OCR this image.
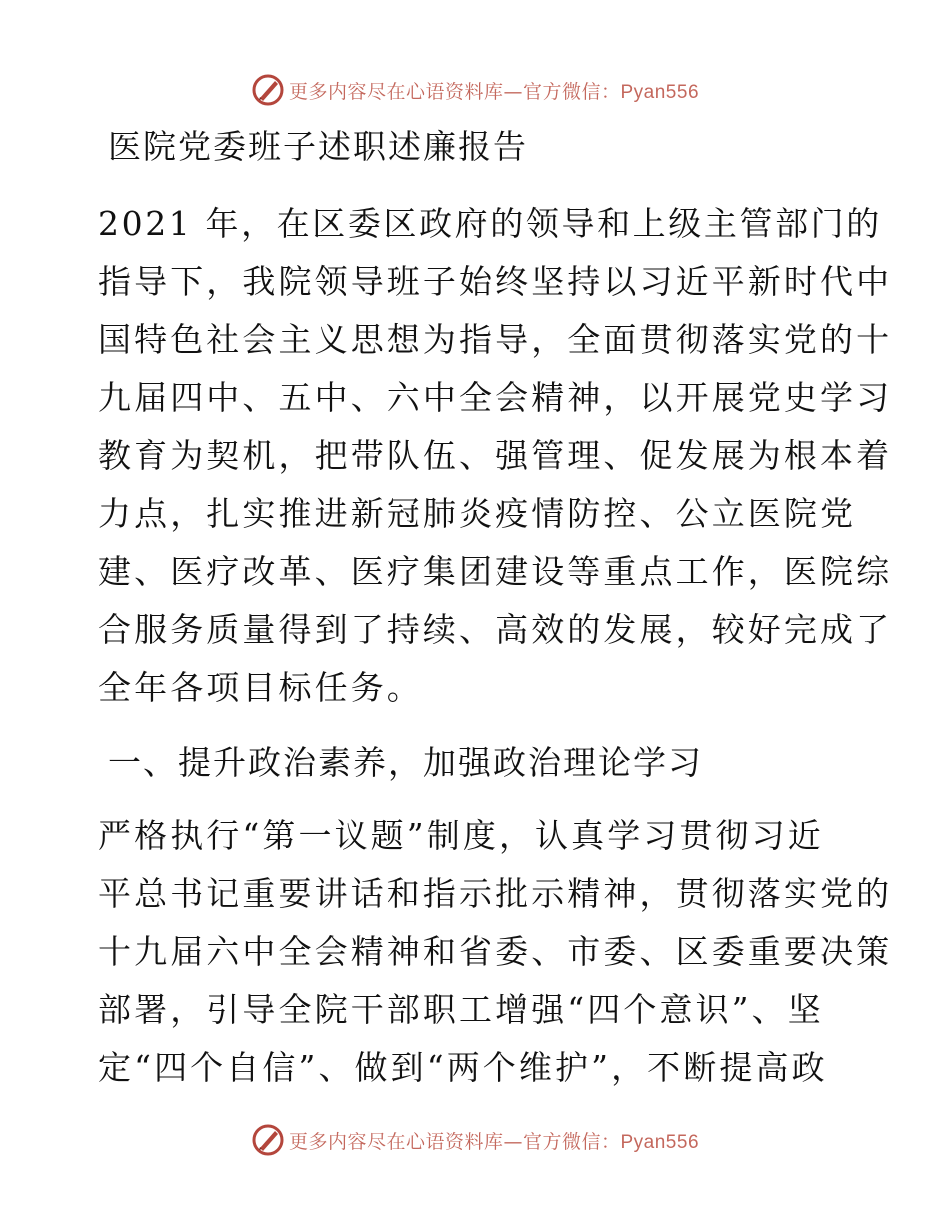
更多内容尽在心语资料库—官方微信：Pyan556
医院党委班子述职述廉报告
2021 年，在区委区政府的领导和上级主管部门的
指导下，我院领导班子始终坚持以习近平新时代中
国特色社会主义思想为指导，全面贯彻落实党的十
九届四中、五中、六中全会精神，以开展党史学习
教育为契机，把带队伍、强管理、促发展为根本着
力点，扎实推进新冠肺炎疫情防控、公立医院党
建、医疗改革、医疗集团建设等重点工作，医院综
合服务质量得到了持续、高效的发展，较好完成了
全年各项目标任务。
一、提升政治素养，加强政治理论学习
严格执行“第一议题”制度，认真学习贯彻习近
平总书记重要讲话和指示批示精神，贯彻落实党的
十九届六中全会精神和省委、市委、区委重要决策
部署，引导全院干部职工增强“四个意识”、坚
定“四个自信”、做到“两个维护”，不断提高政
更多内容尽在心语资料库—官方微信：Pyan556
